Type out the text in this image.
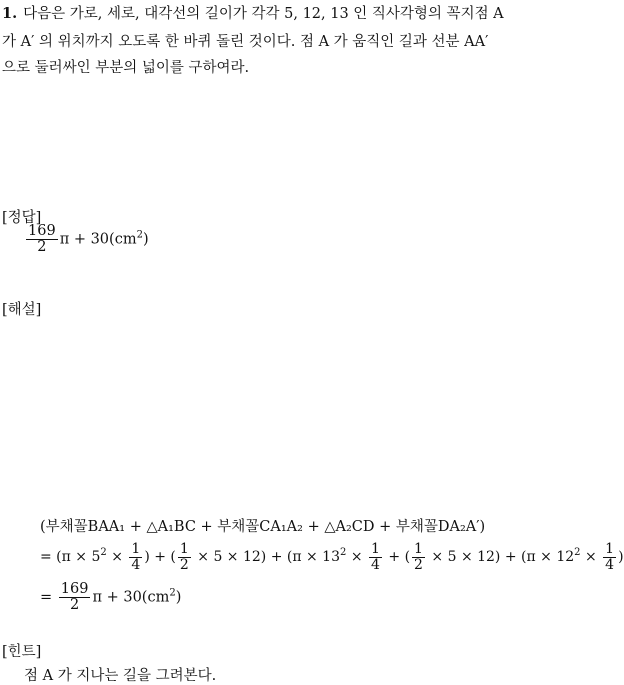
1. 다음은 가로, 세로, 대각선의 길이가 각각 5, 12, 13 인 직사각형의 꼭지점 A
가 A′ 의 위치까지 오도록 한 바퀴 돌린 것이다. 점 A 가 움직인 길과 선분 AA′
으로 둘러싸인 부분의 넓이를 구하여라.
[정답]
$\frac{169}{2}$ $\pi + 30(cm^2)$
[해설]
(부채꼴BAA₁ + △A₁BC + 부채꼴CA₁A₂ + △A₂CD + 부채꼴DA₂A′)
= ($\pi \times 5^2 \times \frac{1}{4}$ ) + ( $\frac{1}{2} \times 5 \times 12) + (\pi \times 13^2 \times \frac{1}{4}$ + ( $\frac{1}{2} \times 5 \times 12) + (\pi \times 12^2 \times \frac{1}{4}$ )
= $\frac{169}{2}$ $\pi + 30(cm^2)$
[힌트]
점 A 가 지나는 길을 그려본다.
